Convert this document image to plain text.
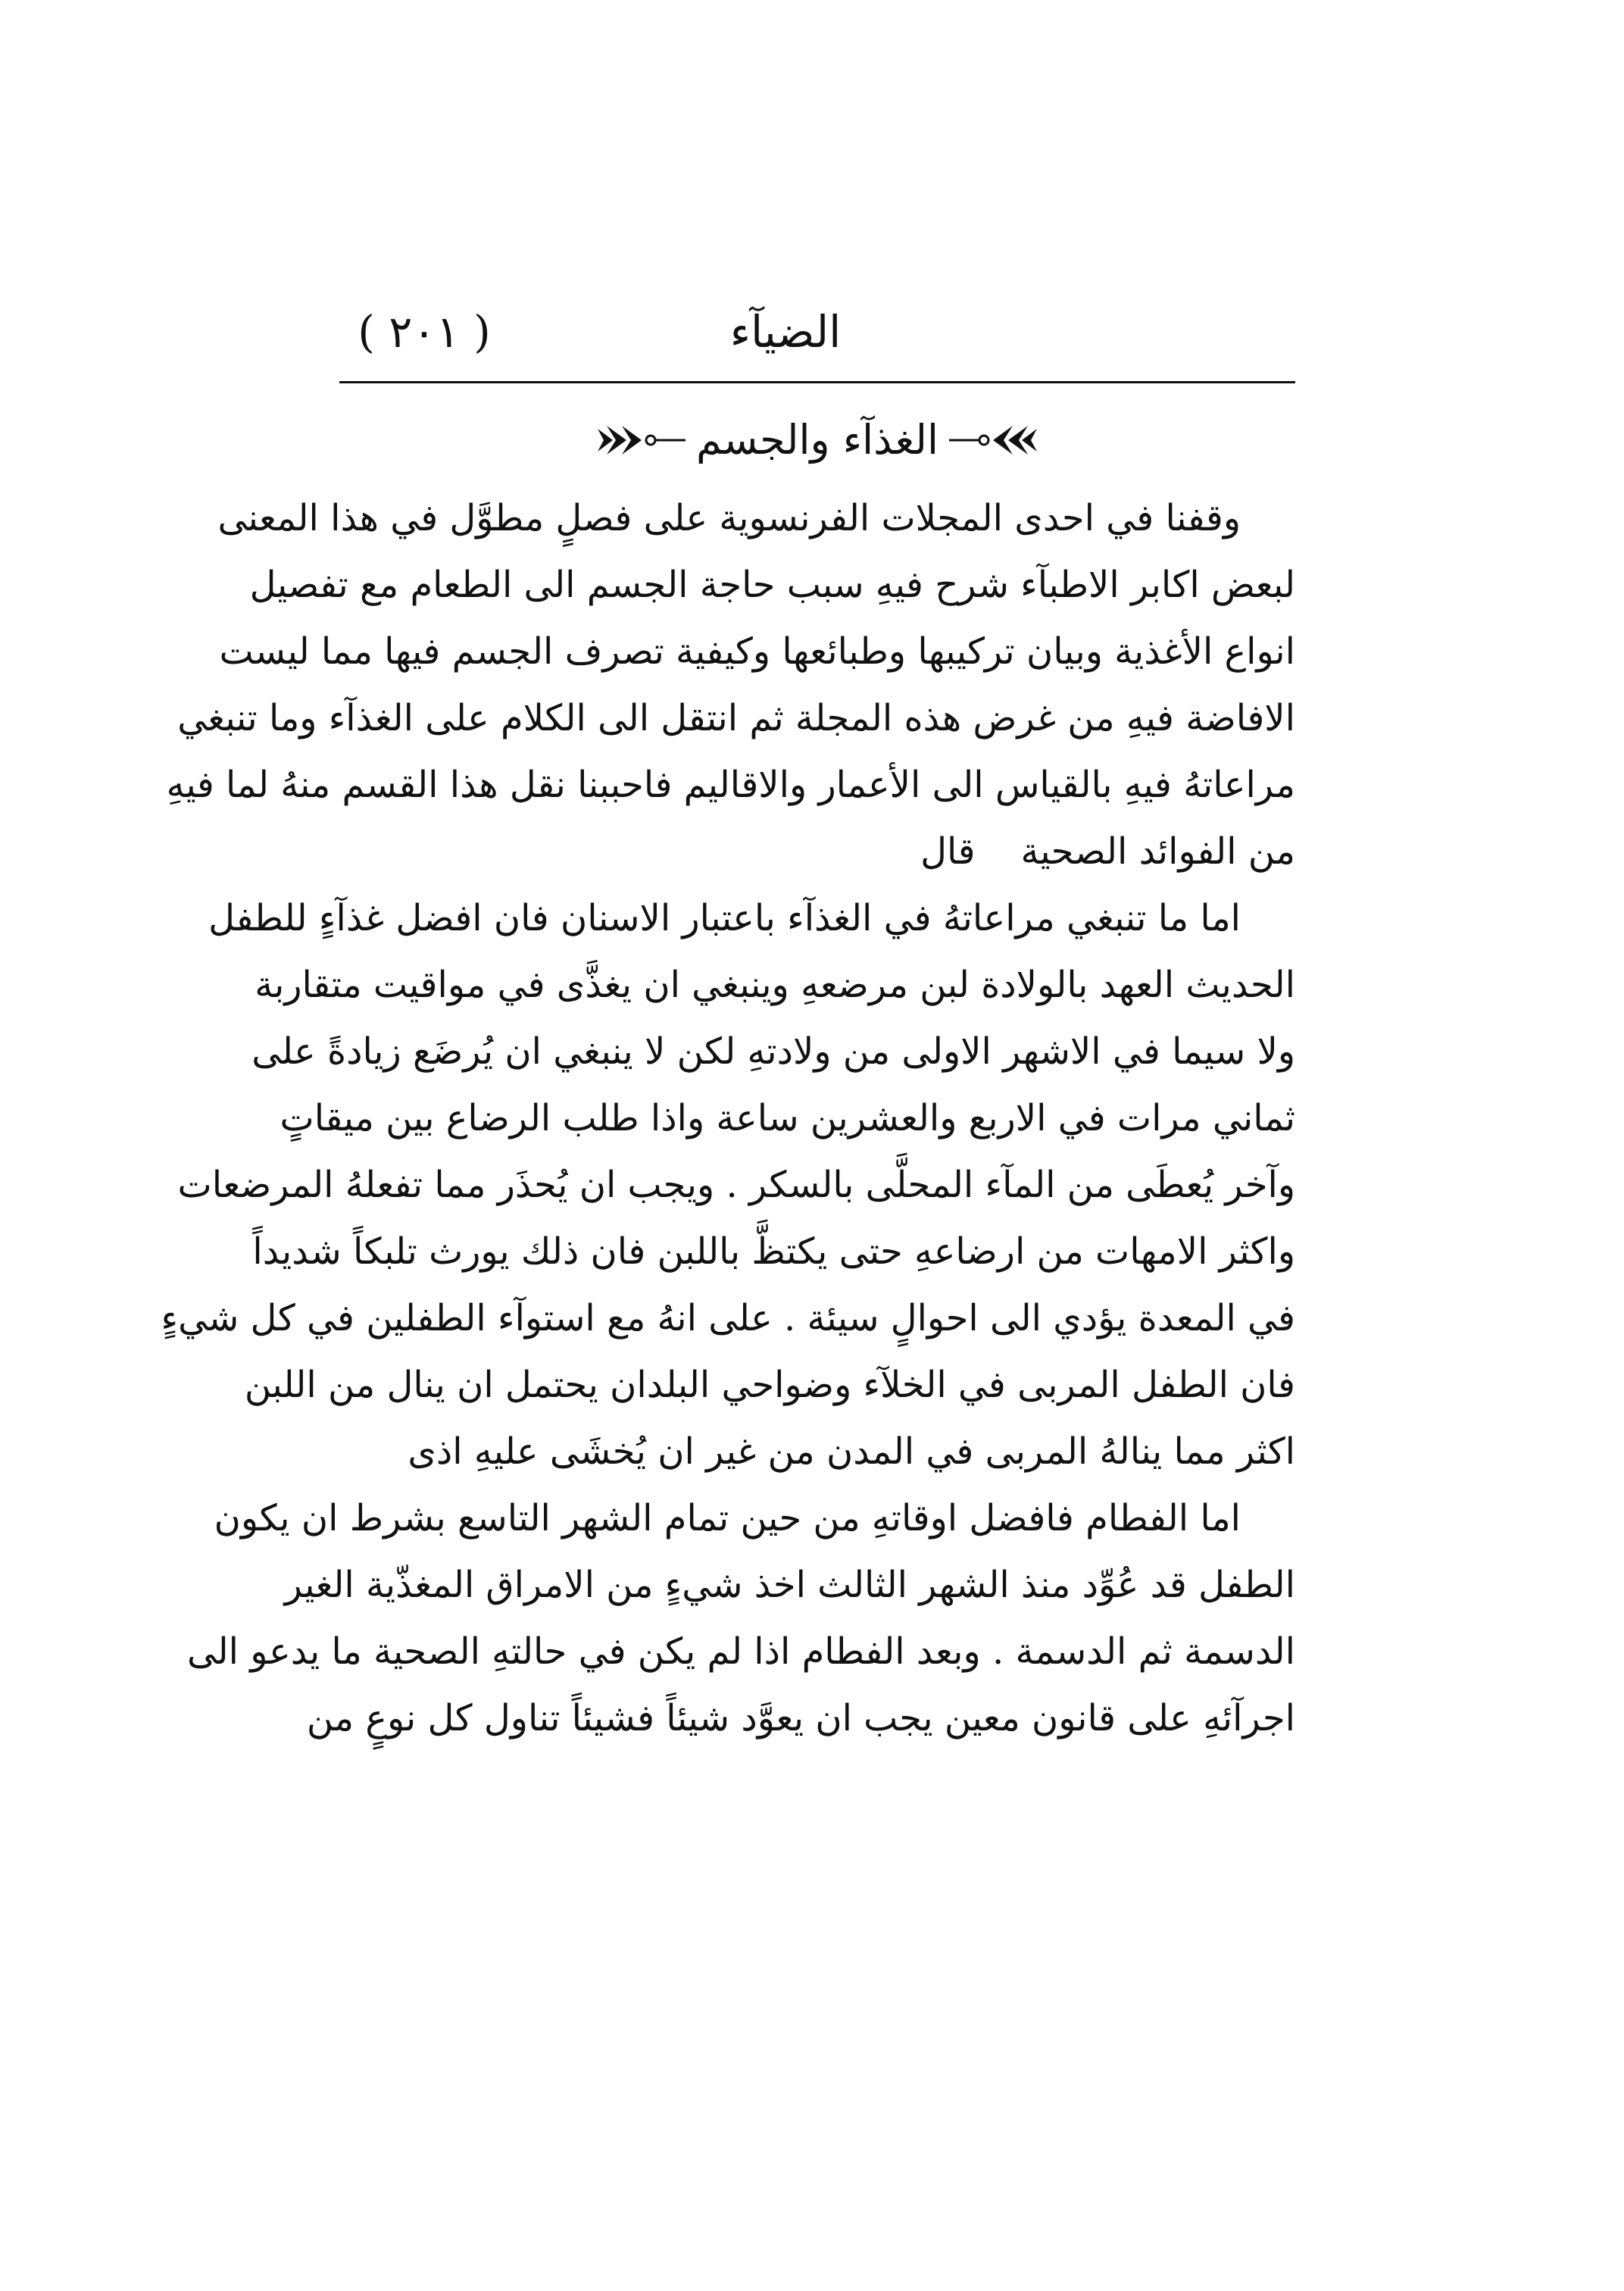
الضيآء
( ٢٠١ )
الغذآء والجسم
وقفنا في احدى المجلات الفرنسوية على فصلٍ مطوَّل في هذا المعنى
لبعض اكابر الاطبآء شرح فيهِ سبب حاجة الجسم الى الطعام مع تفصيل
انواع الأغذية وبيان تركيبها وطبائعها وكيفية تصرف الجسم فيها مما ليست
الافاضة فيهِ من غرض هذه المجلة ثم انتقل الى الكلام على الغذآء وما تنبغي
مراعاتهُ فيهِ بالقياس الى الأعمار والاقاليم فاحببنا نقل هذا القسم منهُ لما فيهِ
من الفوائد الصحيةقال
اما ما تنبغي مراعاتهُ في الغذآء باعتبار الاسنان فان افضل غذآءٍ للطفل
الحديث العهد بالولادة لبن مرضعهِ وينبغي ان يغذَّى في مواقيت متقاربة
ولا سيما في الاشهر الاولى من ولادتهِ لكن لا ينبغي ان يُرضَع زيادةً على
ثماني مرات في الاربع والعشرين ساعة واذا طلب الرضاع بين ميقاتٍ
وآخر يُعطَى من المآء المحلَّى بالسكر . ويجب ان يُحذَر مما تفعلهُ المرضعات
واكثر الامهات من ارضاعهِ حتى يكتظَّ باللبن فان ذلك يورث تلبكاً شديداً
في المعدة يؤدي الى احوالٍ سيئة . على انهُ مع استوآء الطفلين في كل شيءٍ
فان الطفل المربى في الخلآء وضواحي البلدان يحتمل ان ينال من اللبن
اكثر مما ينالهُ المربى في المدن من غير ان يُخشَى عليهِ اذى
اما الفطام فافضل اوقاتهِ من حين تمام الشهر التاسع بشرط ان يكون
الطفل قد عُوِّد منذ الشهر الثالث اخذ شيءٍ من الامراق المغذّية الغير
الدسمة ثم الدسمة . وبعد الفطام اذا لم يكن في حالتهِ الصحية ما يدعو الى
اجرآئهِ على قانون معين يجب ان يعوَّد شيئاً فشيئاً تناول كل نوعٍ من
